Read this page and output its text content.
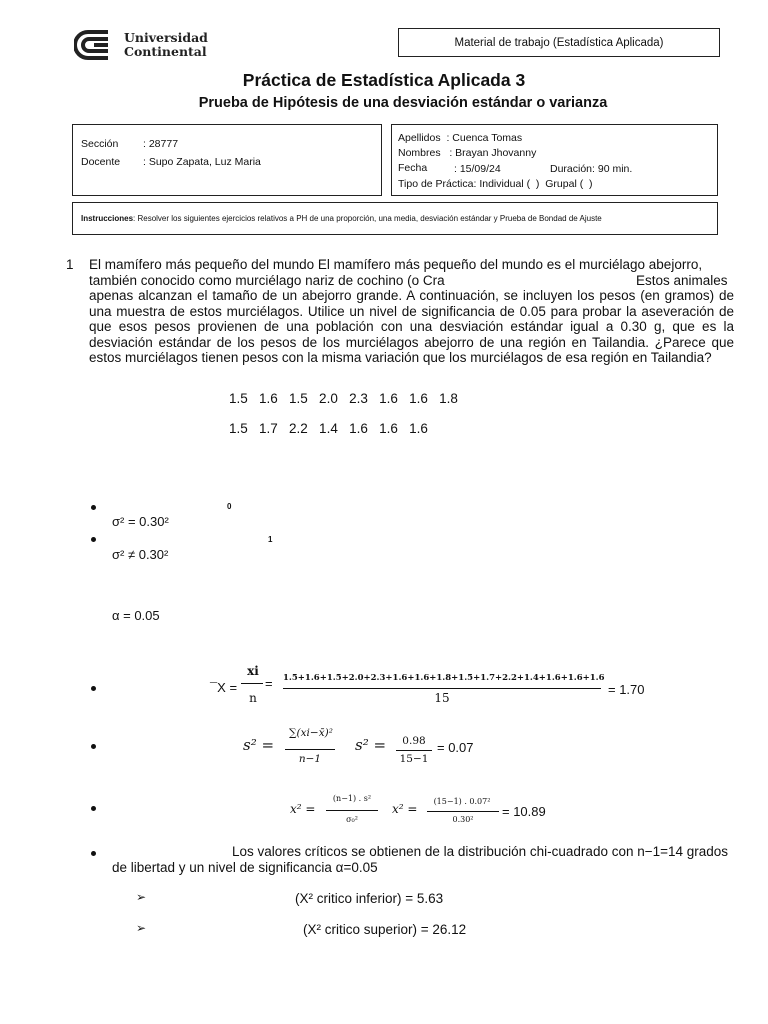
Universidad
Continental
Material de trabajo (Estadística Aplicada)
Práctica de Estadística Aplicada 3
Prueba de Hipótesis de una desviación estándar o varianza
Sección : 28777
Docente : Supo Zapata, Luz Maria
Apellidos  : Cuenca Tomas
Nombres   : Brayan Jhovanny
Fecha	: 15/09/24	Duración: 90 min.
Tipo de Práctica: Individual (  )  Grupal (  )
Instrucciones: Resolver los siguientes ejercicios relativos a PH de una proporción, una media, desviación estándar y Prueba de Bondad de Ajuste
1 El mamífero más pequeño del mundo El mamífero más pequeño del mundo es el murciélago abejorro,
también conocido como murciélago nariz de cochino (o Cra	Estos animales
apenas alcanzan el tamaño de un abejorro grande. A continuación, se incluyen los pesos (en gramos) de una muestra de estos murciélagos. Utilice un nivel de significancia de 0.05 para probar la aseveración de que esos pesos provienen de una población con una desviación estándar igual a 0.30 g, que es la desviación estándar de los pesos de los murciélagos abejorro de una región en Tailandia. ¿Parece que estos murciélagos tienen pesos con la misma variación que los murciélagos de esa región en Tailandia?
1.5   1.6   1.5   2.0   2.3   1.6   1.6   1.8
1.5   1.7   2.2   1.4   1.6   1.6   1.6
0
σ² = 0.30²
1
σ² ≠ 0.30²
α = 0.05
¯X =
xi
n
= 1.5+1.6+1.5+2.0+2.3+1.6+1.6+1.8+1.5+1.7+2.2+1.4+1.6+1.6+1.6
15
= 1.70
s² =
∑(xi−x̄)²
n−1
s² =	0.98
15−1
= 0.07
x² =
(n−1) . s²
σ₀²
x² =
(15−1) . 0.07²
0.30²
= 10.89
Los valores críticos se obtienen de la distribución chi-cuadrado con n−1=14 grados
de libertad y un nivel de significancia α=0.05
➢	(X² critico inferior) = 5.63
➢	(X² critico superior) = 26.12
